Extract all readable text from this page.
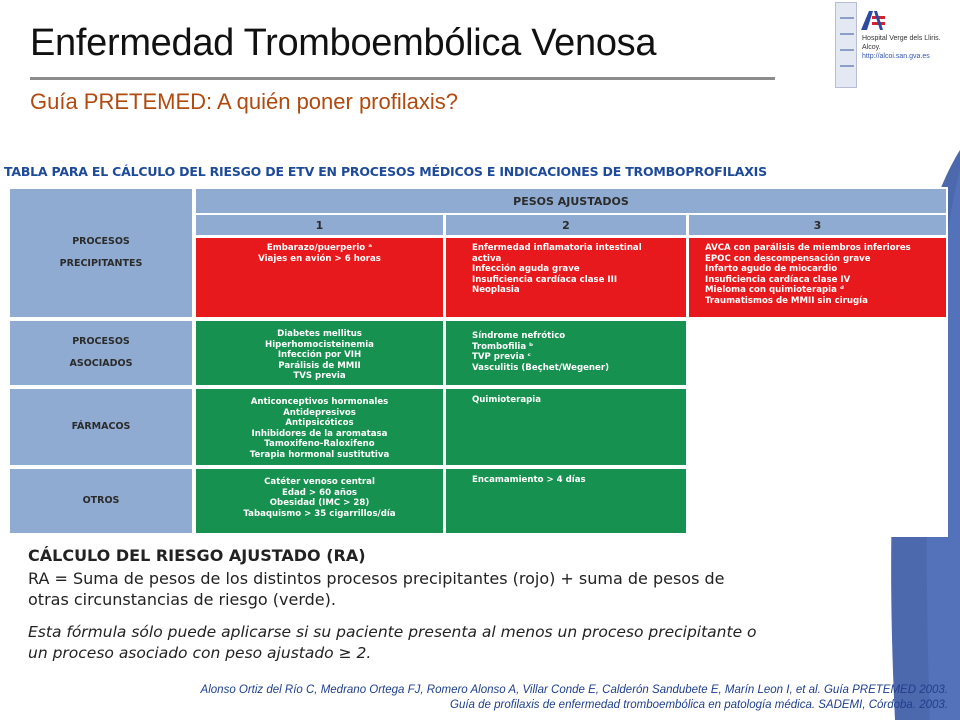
Enfermedad Tromboembólica Venosa
Guía PRETEMED: A quién poner profilaxis?
Hospital Verge dels Lliris.
Alcoy.
http://alcoi.san.gva.es
TABLA PARA EL CÁLCULO DEL RIESGO DE ETV EN PROCESOS MÉDICOS E INDICACIONES DE TROMBOPROFILAXIS
PROCESOS
PRECIPITANTES
PROCESOS
ASOCIADOS
FÁRMACOS
OTROS
PESOS AJUSTADOS
1	2	3
Embarazo/puerperio ᵃ
Viajes en avión > 6 horas
Enfermedad inflamatoria intestinal activa
Infección aguda grave
Insuficiencia cardíaca clase III
Neoplasia
AVCA con parálisis de miembros inferiores
EPOC con descompensación grave
Infarto agudo de miocardio
Insuficiencia cardíaca clase IV
Mieloma con quimioterapia ᵈ
Traumatismos de MMII sin cirugía
Diabetes mellitus
Hiperhomocisteinemia
Infección por VIH
Parálisis de MMII
TVS previa
Síndrome nefrótico
Trombofilia ᵇ
TVP previa ᶜ
Vasculitis (Beçhet/Wegener)
Anticonceptivos hormonales
Antidepresivos
Antipsicóticos
Inhibidores de la aromatasa
Tamoxifeno-Raloxifeno
Terapia hormonal sustitutiva
Quimioterapia
Catéter venoso central
Edad > 60 años
Obesidad (IMC > 28)
Tabaquismo > 35 cigarrillos/día
Encamamiento > 4 días
CÁLCULO DEL RIESGO AJUSTADO (RA)
RA = Suma de pesos de los distintos procesos precipitantes (rojo) + suma de pesos de otras circunstancias de riesgo (verde).
Esta fórmula sólo puede aplicarse si su paciente presenta al menos un proceso precipitante o un proceso asociado con peso ajustado ≥ 2.
Alonso Ortiz del Río C, Medrano Ortega FJ, Romero Alonso A, Villar Conde E, Calderón Sandubete E, Marín Leon I, et al. Guía PRETEMED 2003. Guía de profilaxis de enfermedad tromboembólica en patología médica. SADEMI, Córdoba. 2003.
